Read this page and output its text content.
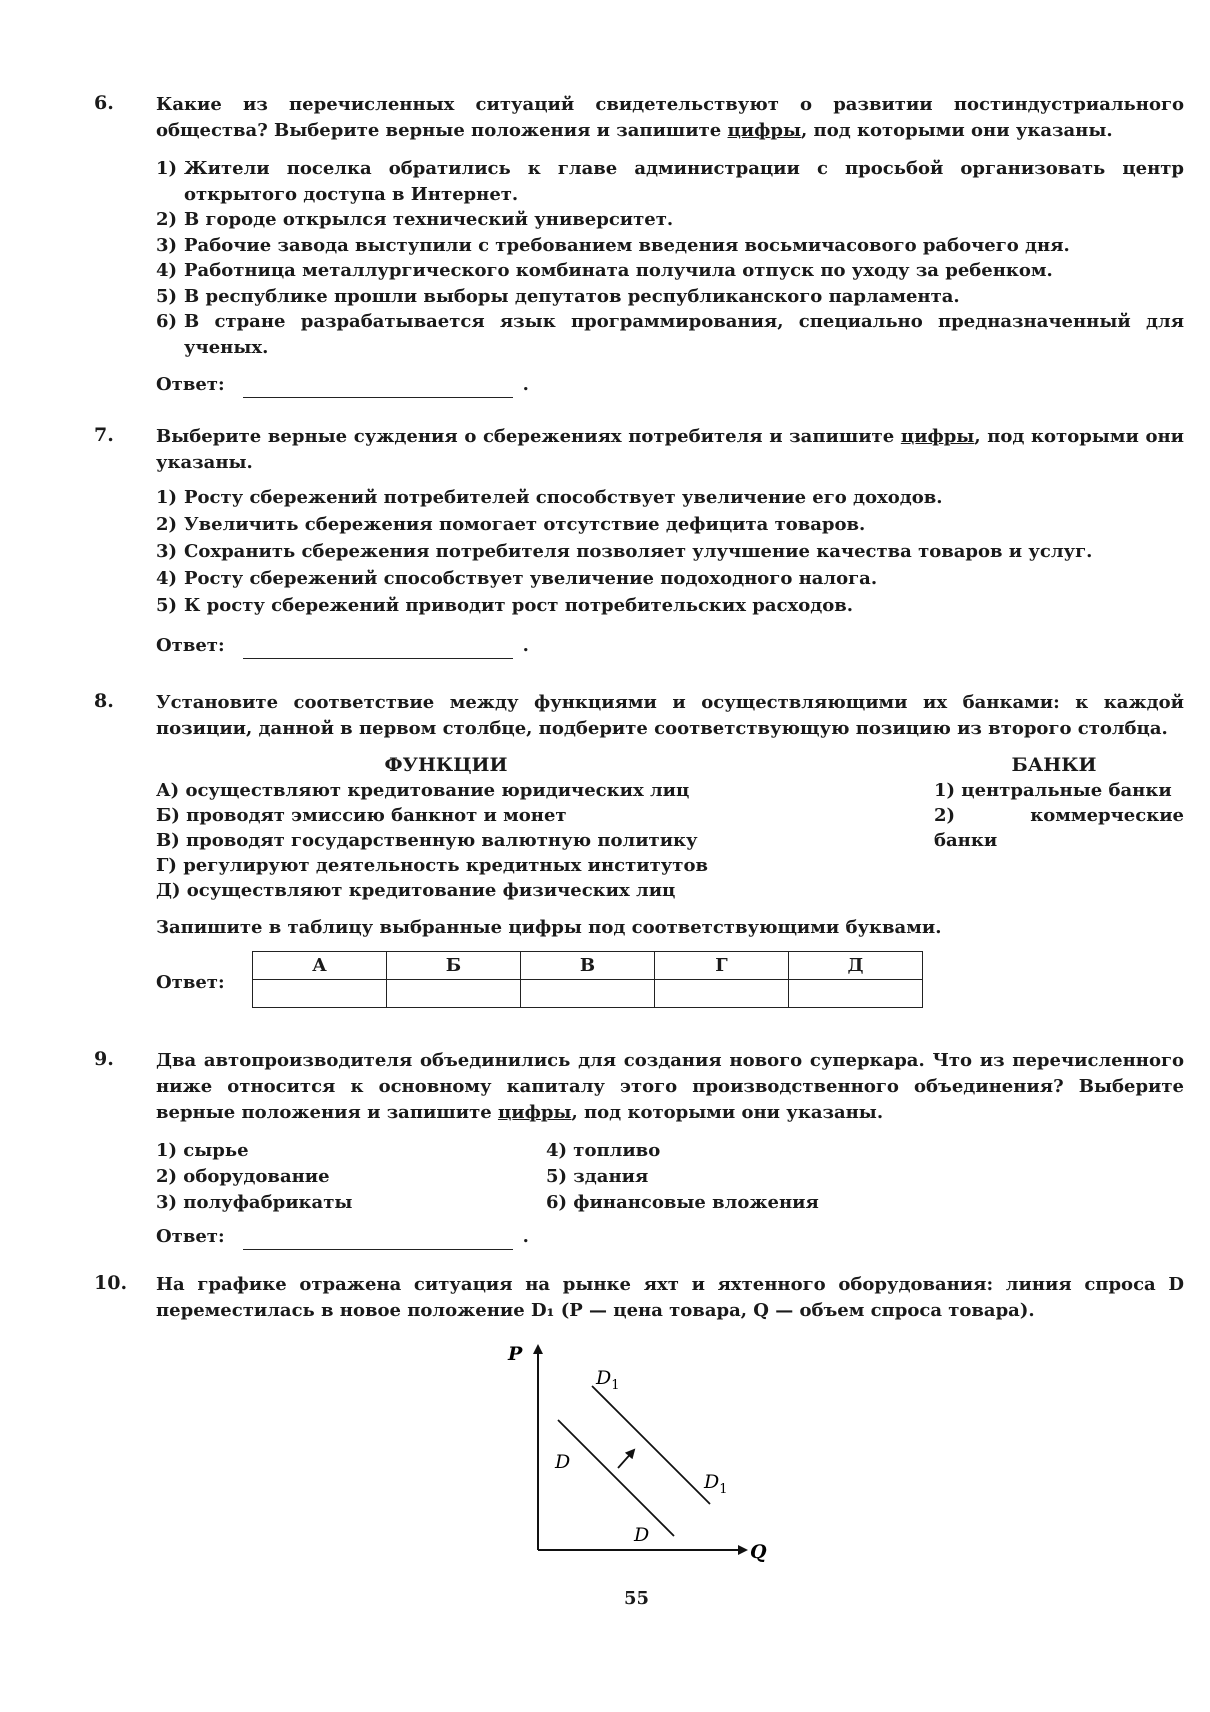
6. Какие из перечисленных ситуаций свидетельствуют о развитии постиндустриального общества? Выберите верные положения и запишите цифры, под которыми они указаны.

1) Жители поселка обратились к главе администрации с просьбой организовать центр открытого доступа в Интернет.
2) В городе открылся технический университет.
3) Рабочие завода выступили с требованием введения восьмичасового рабочего дня.
4) Работница металлургического комбината получила отпуск по уходу за ребенком.
5) В республике прошли выборы депутатов республиканского парламента.
6) В стране разрабатывается язык программирования, специально предназначенный для ученых.
Ответ:	.
7. Выберите верные суждения о сбережениях потребителя и запишите цифры, под которыми они указаны.

1) Росту сбережений потребителей способствует увеличение его доходов.
2) Увеличить сбережения помогает отсутствие дефицита товаров.
3) Сохранить сбережения потребителя позволяет улучшение качества товаров и услуг.
4) Росту сбережений способствует увеличение подоходного налога.
5) К росту сбережений приводит рост потребительских расходов.
Ответ:	.
8. Установите соответствие между функциями и осуществляющими их банками: к каждой позиции, данной в первом столбце, подберите соответствующую позицию из второго столбца.

ФУНКЦИИ
А) осуществляют кредитование юридических лиц
Б) проводят эмиссию банкнот и монет
В) проводят государственную валютную политику
Г) регулируют деятельность кредитных институтов
Д) осуществляют кредитование физических лиц
БАНКИ
1) центральные банки
2) коммерческие банки

Запишите в таблицу выбранные цифры под соответствующими буквами.

Ответ:
А	Б	В	Г	Д

9. Два автопроизводителя объединились для создания нового суперкара. Что из перечисленного ниже относится к основному капиталу этого производственного объединения? Выберите верные положения и запишите цифры, под которыми они указаны.

1) сырье	4) топливо
2) оборудование	5) здания
3) полуфабрикаты	6) финансовые вложения
Ответ:	.
10. На графике отражена ситуация на рынке яхт и яхтенного оборудования: линия спроса D переместилась в новое положение D₁ (P — цена товара, Q — объем спроса товара).

P
Q
D
D
$D_1$
$D_1$
55
